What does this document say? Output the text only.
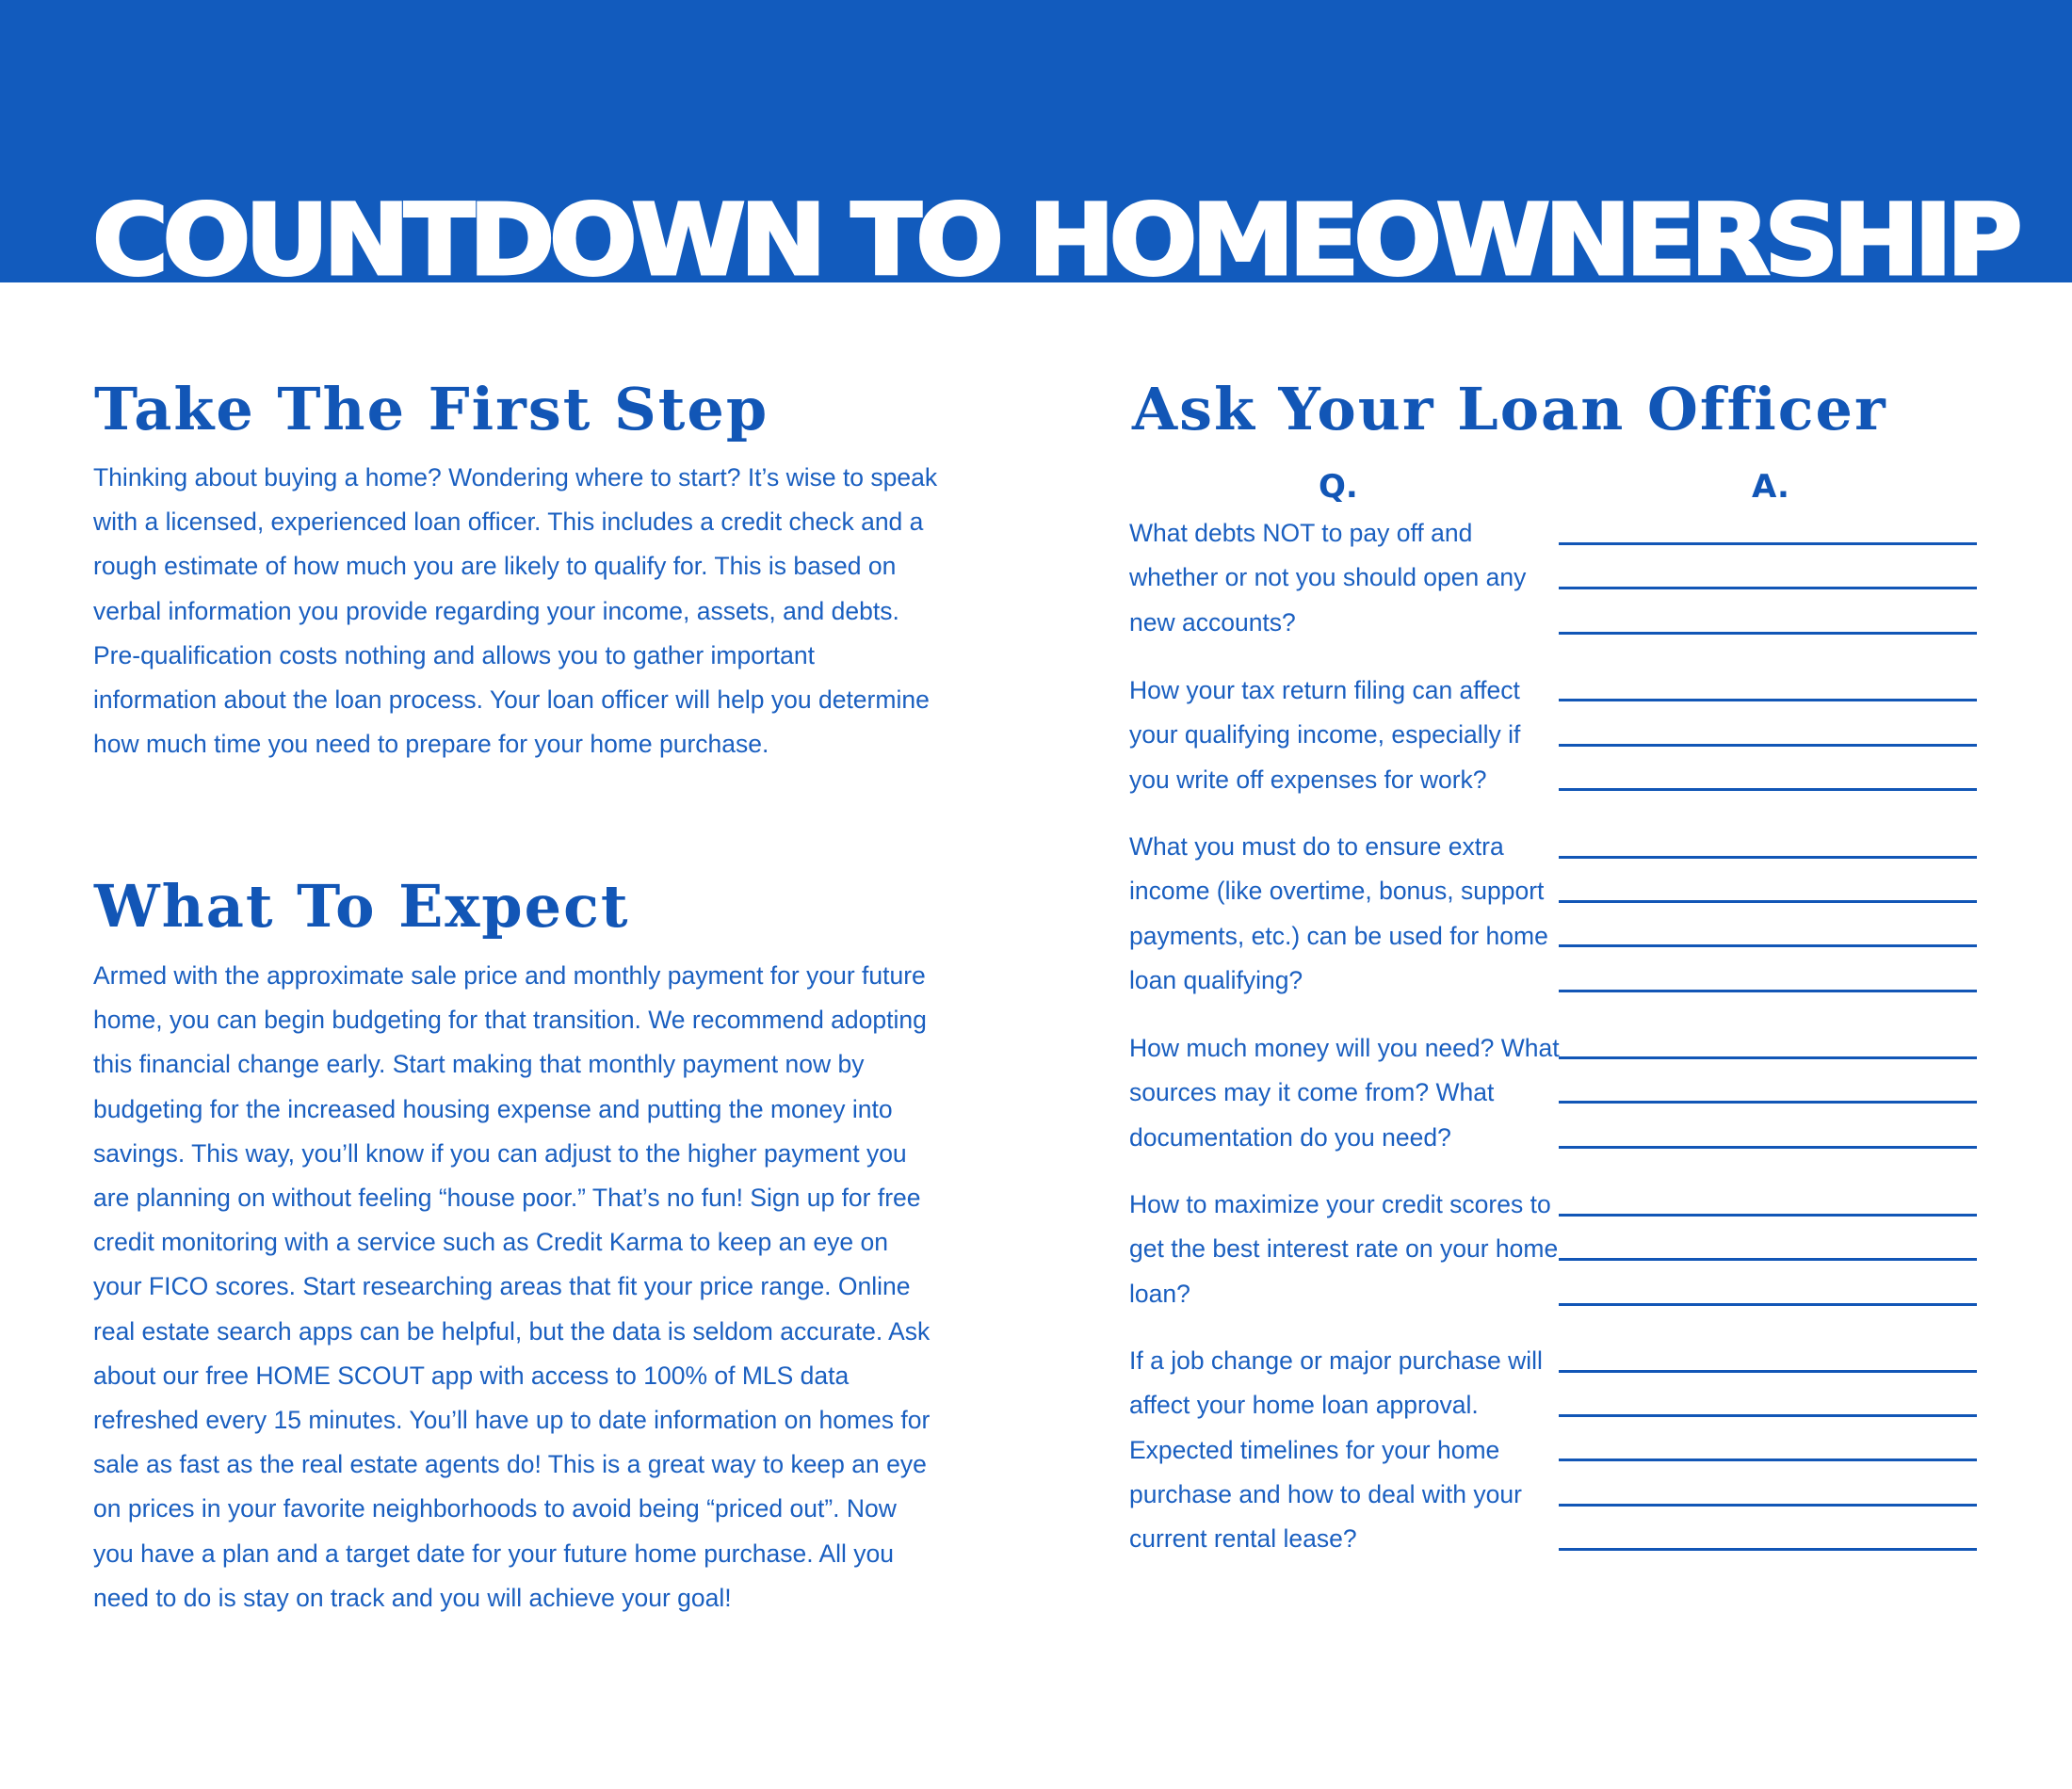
COUNTDOWN TO HOMEOWNERSHIP
Take The First Step

Thinking about buying a home? Wondering where to start? It’s wise to speak with a licensed, experienced loan officer. This includes a credit check and a rough estimate of how much you are likely to qualify for. This is based on verbal information you provide regarding your income, assets, and debts. Pre-qualification costs nothing and allows you to gather important information about the loan process. Your loan officer will help you determine how much time you need to prepare for your home purchase.

What To Expect

Armed with the approximate sale price and monthly payment for your future home, you can begin budgeting for that transition. We recommend adopting this financial change early. Start making that monthly payment now by budgeting for the increased housing expense and putting the money into savings. This way, you’ll know if you can adjust to the higher payment you are planning on without feeling “house poor.” That’s no fun! Sign up for free credit monitoring with a service such as Credit Karma to keep an eye on your FICO scores. Start researching areas that fit your price range. Online real estate search apps can be helpful, but the data is seldom accurate. Ask about our free HOME SCOUT app with access to 100% of MLS data refreshed every 15 minutes. You’ll have up to date information on homes for sale as fast as the real estate agents do! This is a great way to keep an eye on prices in your favorite neighborhoods to avoid being “priced out”. Now you have a plan and a target date for your future home purchase. All you need to do is stay on track and you will achieve your goal!

Ask Your Loan Officer
Q.	A.

What debts NOT to pay off and whether or not you should open any new accounts?

How your tax return filing can affect your qualifying income, especially if you write off expenses for work?

What you must do to ensure extra income (like overtime, bonus, support payments, etc.) can be used for home loan qualifying?

How much money will you need? What sources may it come from? What documentation do you need?

How to maximize your credit scores to get the best interest rate on your home loan?

If a job change or major purchase will affect your home loan approval. Expected timelines for your home purchase and how to deal with your current rental lease?
